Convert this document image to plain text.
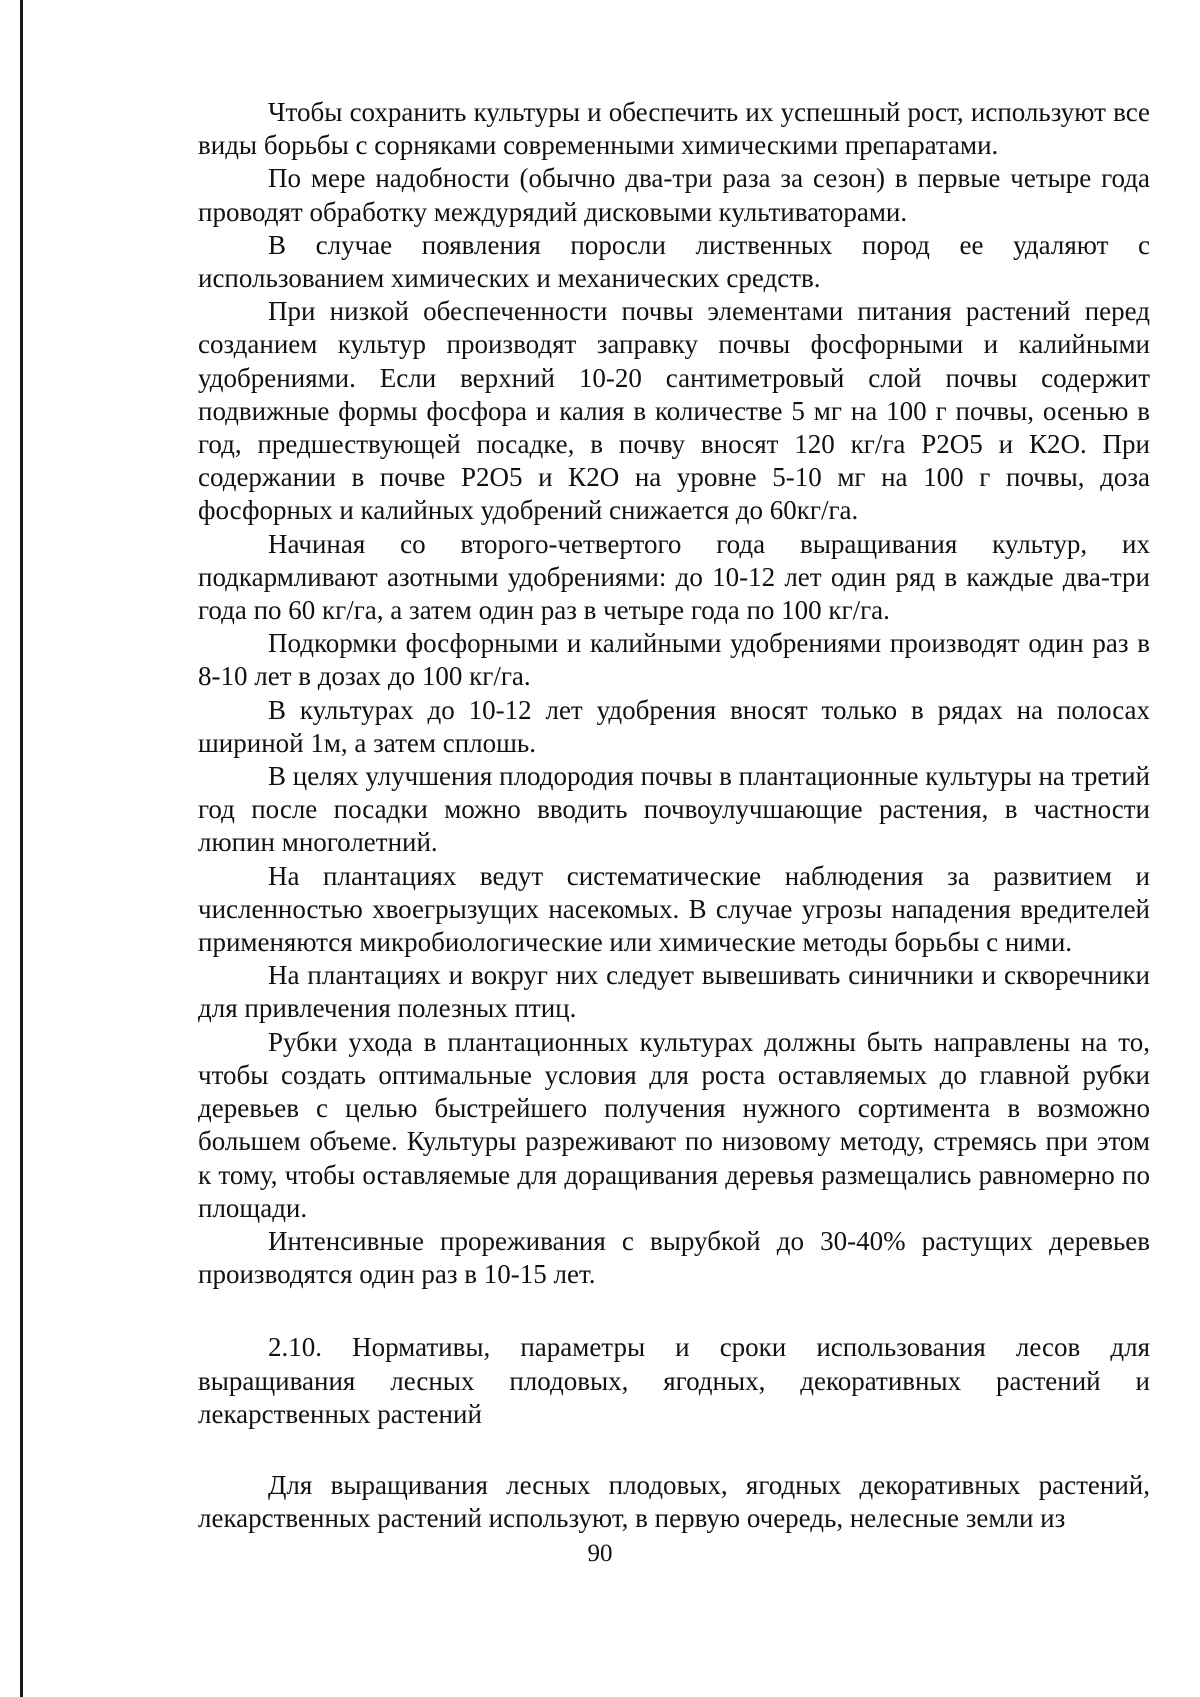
Чтобы сохранить культуры и обеспечить их успешный рост, используют все виды борьбы с сорняками современными химическими препаратами.

По мере надобности (обычно два-три раза за сезон) в первые четыре года проводят обработку междурядий дисковыми культиваторами.

В случае появления поросли лиственных пород ее удаляют с использованием химических и механических средств.

При низкой обеспеченности почвы элементами питания растений перед созданием культур производят заправку почвы фосфорными и калийными удобрениями. Если верхний 10-20 сантиметровый слой почвы содержит подвижные формы фосфора и калия в количестве 5 мг на 100 г почвы, осенью в год, предшествующей посадке, в почву вносят 120 кг/га Р2О5 и К2О. При содержании в почве Р2О5 и К2О на уровне 5-10 мг на 100 г почвы, доза фосфорных и калийных удобрений снижается до 60кг/га.

Начиная со второго-четвертого года выращивания культур, их подкармливают азотными удобрениями: до 10-12 лет один ряд в каждые два-три года по 60 кг/га, а затем один раз в четыре года по 100 кг/га.

Подкормки фосфорными и калийными удобрениями производят один раз в 8-10 лет в дозах до 100 кг/га.

В культурах до 10-12 лет удобрения вносят только в рядах на полосах шириной 1м, а затем сплошь.

В целях улучшения плодородия почвы в плантационные культуры на третий год после посадки можно вводить почвоулучшающие растения, в частности люпин многолетний.

На плантациях ведут систематические наблюдения за развитием и численностью хвоегрызущих насекомых. В случае угрозы нападения вредителей применяются микробиологические или химические методы борьбы с ними.

На плантациях и вокруг них следует вывешивать синичники и скворечники для привлечения полезных птиц.

Рубки ухода в плантационных культурах должны быть направлены на то, чтобы создать оптимальные условия для роста оставляемых до главной рубки деревьев с целью быстрейшего получения нужного сортимента в возможно большем объеме. Культуры разреживают по низовому методу, стремясь при этом к тому, чтобы оставляемые для доращивания деревья размещались равномерно по площади.

Интенсивные прореживания с вырубкой до 30-40% растущих деревьев производятся один раз в 10-15 лет.

2.10. Нормативы, параметры и сроки использования лесов для выращивания лесных плодовых, ягодных, декоративных растений и лекарственных растений

Для выращивания лесных плодовых, ягодных декоративных растений, лекарственных растений используют, в первую очередь, нелесные земли из

90
